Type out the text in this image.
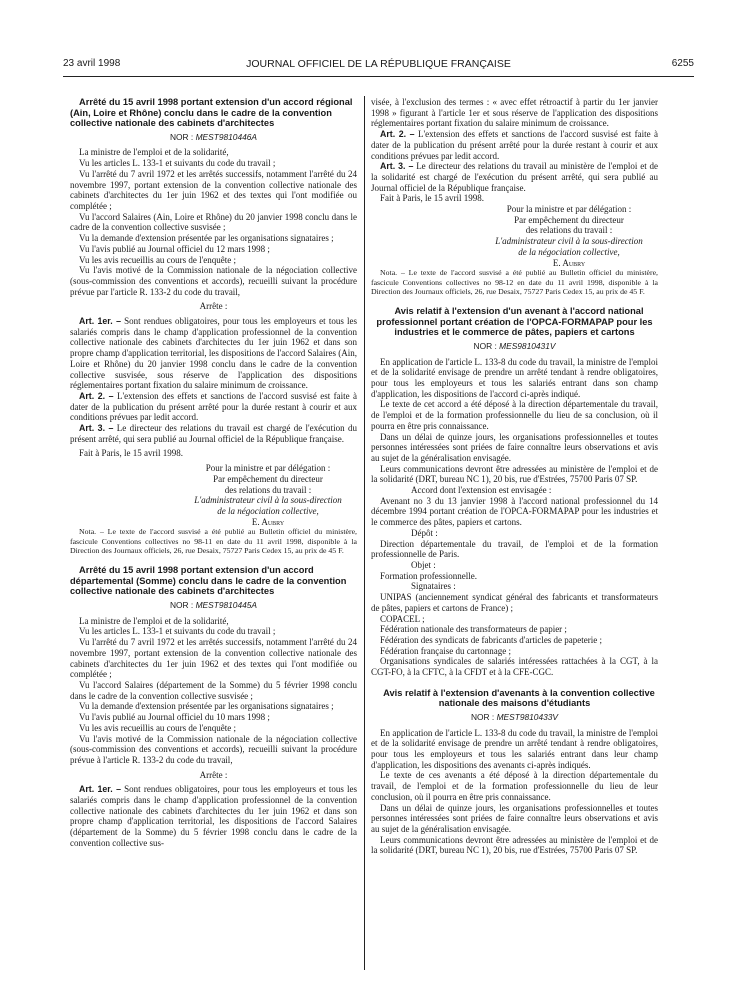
23 avril 1998	JOURNAL OFFICIEL DE LA RÉPUBLIQUE FRANÇAISE	6255

Arrêté du 15 avril 1998 portant extension d'un accord régional (Ain, Loire et Rhône) conclu dans le cadre de la convention collective nationale des cabinets d'architectes

NOR : MEST9810446A

La ministre de l'emploi et de la solidarité,

Vu les articles L. 133-1 et suivants du code du travail ;

Vu l'arrêté du 7 avril 1972 et les arrêtés successifs, notamment l'arrêté du 24 novembre 1997, portant extension de la convention collective nationale des cabinets d'architectes du 1er juin 1962 et des textes qui l'ont modifiée ou complétée ;

Vu l'accord Salaires (Ain, Loire et Rhône) du 20 janvier 1998 conclu dans le cadre de la convention collective susvisée ;

Vu la demande d'extension présentée par les organisations signataires ;

Vu l'avis publié au Journal officiel du 12 mars 1998 ;

Vu les avis recueillis au cours de l'enquête ;

Vu l'avis motivé de la Commission nationale de la négociation collective (sous-commission des conventions et accords), recueilli suivant la procédure prévue par l'article R. 133-2 du code du travail,

Arrête :

Art. 1er. – Sont rendues obligatoires, pour tous les employeurs et tous les salariés compris dans le champ d'application professionnel de la convention collective nationale des cabinets d'architectes du 1er juin 1962 et dans son propre champ d'application territorial, les dispositions de l'accord Salaires (Ain, Loire et Rhône) du 20 janvier 1998 conclu dans le cadre de la convention collective susvisée, sous réserve de l'application des dispositions réglementaires portant fixation du salaire minimum de croissance.

Art. 2. – L'extension des effets et sanctions de l'accord susvisé est faite à dater de la publication du présent arrêté pour la durée restant à courir et aux conditions prévues par ledit accord.

Art. 3. – Le directeur des relations du travail est chargé de l'exécution du présent arrêté, qui sera publié au Journal officiel de la République française.

Fait à Paris, le 15 avril 1998.

Pour la ministre et par délégation :

Par empêchement du directeur

des relations du travail :

L'administrateur civil à la sous-direction

de la négociation collective,

E. Aubry

Nota. – Le texte de l'accord susvisé a été publié au Bulletin officiel du ministère, fascicule Conventions collectives no 98-11 en date du 11 avril 1998, disponible à la Direction des Journaux officiels, 26, rue Desaix, 75727 Paris Cedex 15, au prix de 45 F.

Arrêté du 15 avril 1998 portant extension d'un accord départemental (Somme) conclu dans le cadre de la convention collective nationale des cabinets d'architectes

NOR : MEST9810445A

La ministre de l'emploi et de la solidarité,

Vu les articles L. 133-1 et suivants du code du travail ;

Vu l'arrêté du 7 avril 1972 et les arrêtés successifs, notamment l'arrêté du 24 novembre 1997, portant extension de la convention collective nationale des cabinets d'architectes du 1er juin 1962 et des textes qui l'ont modifiée ou complétée ;

Vu l'accord Salaires (département de la Somme) du 5 février 1998 conclu dans le cadre de la convention collective susvisée ;

Vu la demande d'extension présentée par les organisations signataires ;

Vu l'avis publié au Journal officiel du 10 mars 1998 ;

Vu les avis recueillis au cours de l'enquête ;

Vu l'avis motivé de la Commission nationale de la négociation collective (sous-commission des conventions et accords), recueilli suivant la procédure prévue à l'article R. 133-2 du code du travail,

Arrête :

Art. 1er. – Sont rendues obligatoires, pour tous les employeurs et tous les salariés compris dans le champ d'application professionnel de la convention collective nationale des cabinets d'architectes du 1er juin 1962 et dans son propre champ d'application territorial, les dispositions de l'accord Salaires (département de la Somme) du 5 février 1998 conclu dans le cadre de la convention collective sus-

visée, à l'exclusion des termes : « avec effet rétroactif à partir du 1er janvier 1998 » figurant à l'article 1er et sous réserve de l'application des dispositions réglementaires portant fixation du salaire minimum de croissance.

Art. 2. – L'extension des effets et sanctions de l'accord susvisé est faite à dater de la publication du présent arrêté pour la durée restant à courir et aux conditions prévues par ledit accord.

Art. 3. – Le directeur des relations du travail au ministère de l'emploi et de la solidarité est chargé de l'exécution du présent arrêté, qui sera publié au Journal officiel de la République française.

Fait à Paris, le 15 avril 1998.

Pour la ministre et par délégation :

Par empêchement du directeur

des relations du travail :

L'administrateur civil à la sous-direction

de la négociation collective,

E. Aubry

Nota. – Le texte de l'accord susvisé a été publié au Bulletin officiel du ministère, fascicule Conventions collectives no 98-12 en date du 11 avril 1998, disponible à la Direction des Journaux officiels, 26, rue Desaix, 75727 Paris Cedex 15, au prix de 45 F.

Avis relatif à l'extension d'un avenant à l'accord national professionnel portant création de l'OPCA-FORMAPAP pour les industries et le commerce de pâtes, papiers et cartons

NOR : MES9810431V

En application de l'article L. 133-8 du code du travail, la ministre de l'emploi et de la solidarité envisage de prendre un arrêté tendant à rendre obligatoires, pour tous les employeurs et tous les salariés entrant dans son champ d'application, les dispositions de l'accord ci-après indiqué.

Le texte de cet accord a été déposé à la direction départementale du travail, de l'emploi et de la formation professionnelle du lieu de sa conclusion, où il pourra en être pris connaissance.

Dans un délai de quinze jours, les organisations professionnelles et toutes personnes intéressées sont priées de faire connaître leurs observations et avis au sujet de la généralisation envisagée.

Leurs communications devront être adressées au ministère de l'emploi et de la solidarité (DRT, bureau NC 1), 20 bis, rue d'Estrées, 75700 Paris 07 SP.

Accord dont l'extension est envisagée :

Avenant no 3 du 13 janvier 1998 à l'accord national professionnel du 14 décembre 1994 portant création de l'OPCA-FORMAPAP pour les industries et le commerce des pâtes, papiers et cartons.

Dépôt :

Direction départementale du travail, de l'emploi et de la formation professionnelle de Paris.

Objet :

Formation professionnelle.

Signataires :

UNIPAS (anciennement syndicat général des fabricants et transformateurs de pâtes, papiers et cartons de France) ;

COPACEL ;

Fédération nationale des transformateurs de papier ;

Fédération des syndicats de fabricants d'articles de papeterie ;

Fédération française du cartonnage ;

Organisations syndicales de salariés intéressées rattachées à la CGT, à la CGT-FO, à la CFTC, à la CFDT et à la CFE-CGC.

Avis relatif à l'extension d'avenants à la convention collective nationale des maisons d'étudiants

NOR : MEST9810433V

En application de l'article L. 133-8 du code du travail, la ministre de l'emploi et de la solidarité envisage de prendre un arrêté tendant à rendre obligatoires, pour tous les employeurs et tous les salariés entrant dans leur champ d'application, les dispositions des avenants ci-après indiqués.

Le texte de ces avenants a été déposé à la direction départementale du travail, de l'emploi et de la formation professionnelle du lieu de leur conclusion, où il pourra en être pris connaissance.

Dans un délai de quinze jours, les organisations professionnelles et toutes personnes intéressées sont priées de faire connaître leurs observations et avis au sujet de la généralisation envisagée.

Leurs communications devront être adressées au ministère de l'emploi et de la solidarité (DRT, bureau NC 1), 20 bis, rue d'Estrées, 75700 Paris 07 SP.
